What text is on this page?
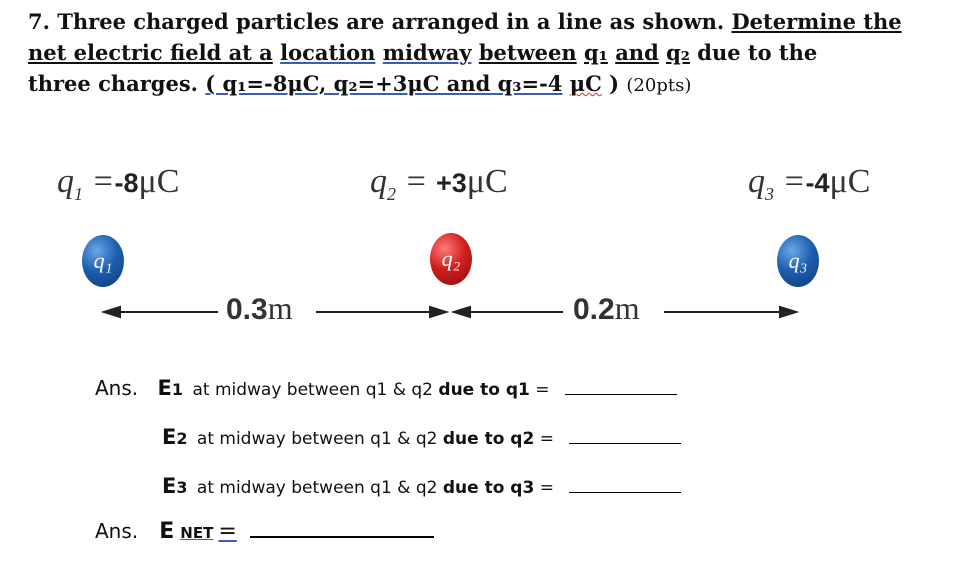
7. Three charged particles are arranged in a line as shown. Determine the
net electric field at a location midway between q₁ and q₂ due to the
three charges. ( q₁=-8μC, q₂=+3μC and q₃=-4 μC ) (20pts)
$q_1 =-8\mu C$	$q_2 = +3\mu C$	$q_3 =-4\mu C$
q₁	q₂	q₃
0.3m	0.2m
Ans. E1 at midway between q1 & q2 due to q1 =
E2 at midway between q1 & q2 due to q2 =
E3 at midway between q1 & q2 due to q3 =
Ans. E NET =
